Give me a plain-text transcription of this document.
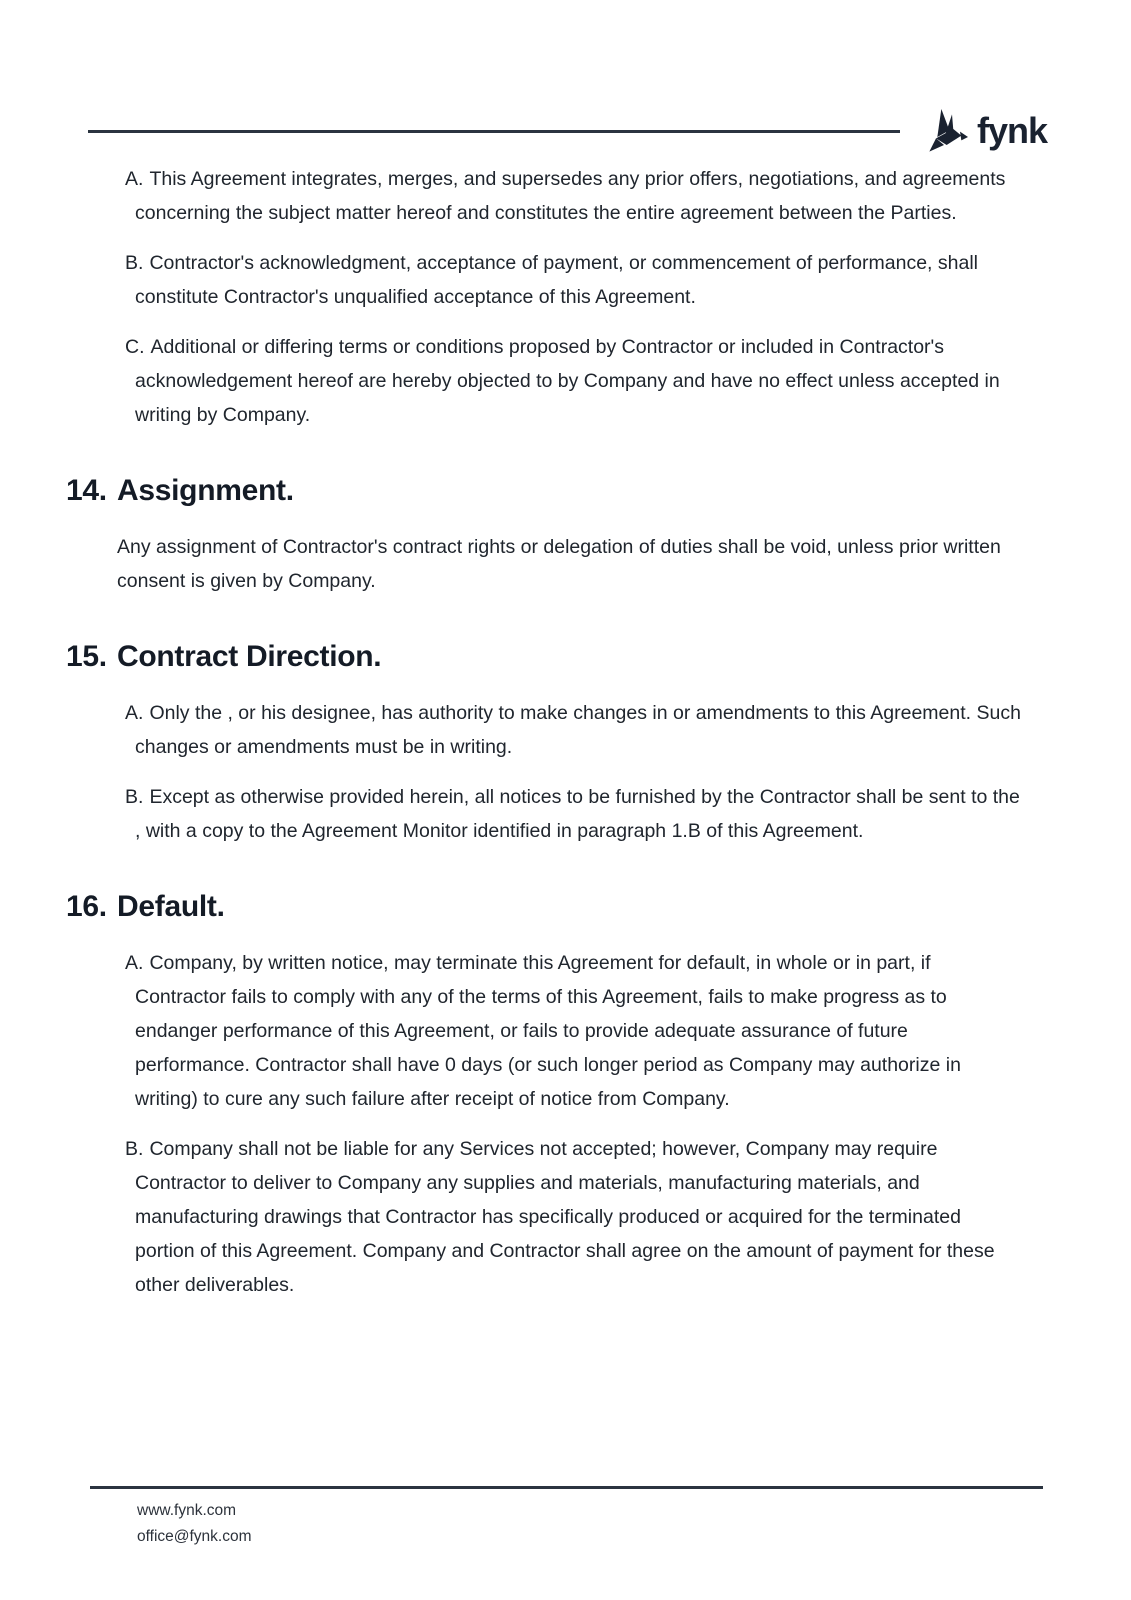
fynk
A. This Agreement integrates, merges, and supersedes any prior offers, negotiations, and agreements concerning the subject matter hereof and constitutes the entire agreement between the Parties.
B. Contractor's acknowledgment, acceptance of payment, or commencement of performance, shall constitute Contractor's unqualified acceptance of this Agreement.
C. Additional or differing terms or conditions proposed by Contractor or included in Contractor's acknowledgement hereof are hereby objected to by Company and have no effect unless accepted in writing by Company.
14. Assignment.

Any assignment of Contractor's contract rights or delegation of duties shall be void, unless prior written consent is given by Company.

15. Contract Direction.
A. Only the , or his designee, has authority to make changes in or amendments to this Agreement. Such changes or amendments must be in writing.
B. Except as otherwise provided herein, all notices to be furnished by the Contractor shall be sent to the , with a copy to the Agreement Monitor identified in paragraph 1.B of this Agreement.
16. Default.
A. Company, by written notice, may terminate this Agreement for default, in whole or in part, if Contractor fails to comply with any of the terms of this Agreement, fails to make progress as to endanger performance of this Agreement, or fails to provide adequate assurance of future performance. Contractor shall have 0 days (or such longer period as Company may authorize in writing) to cure any such failure after receipt of notice from Company.
B. Company shall not be liable for any Services not accepted; however, Company may require Contractor to deliver to Company any supplies and materials, manufacturing materials, and manufacturing drawings that Contractor has specifically produced or acquired for the terminated portion of this Agreement. Company and Contractor shall agree on the amount of payment for these other deliverables.
www.fynk.com
office@fynk.com
